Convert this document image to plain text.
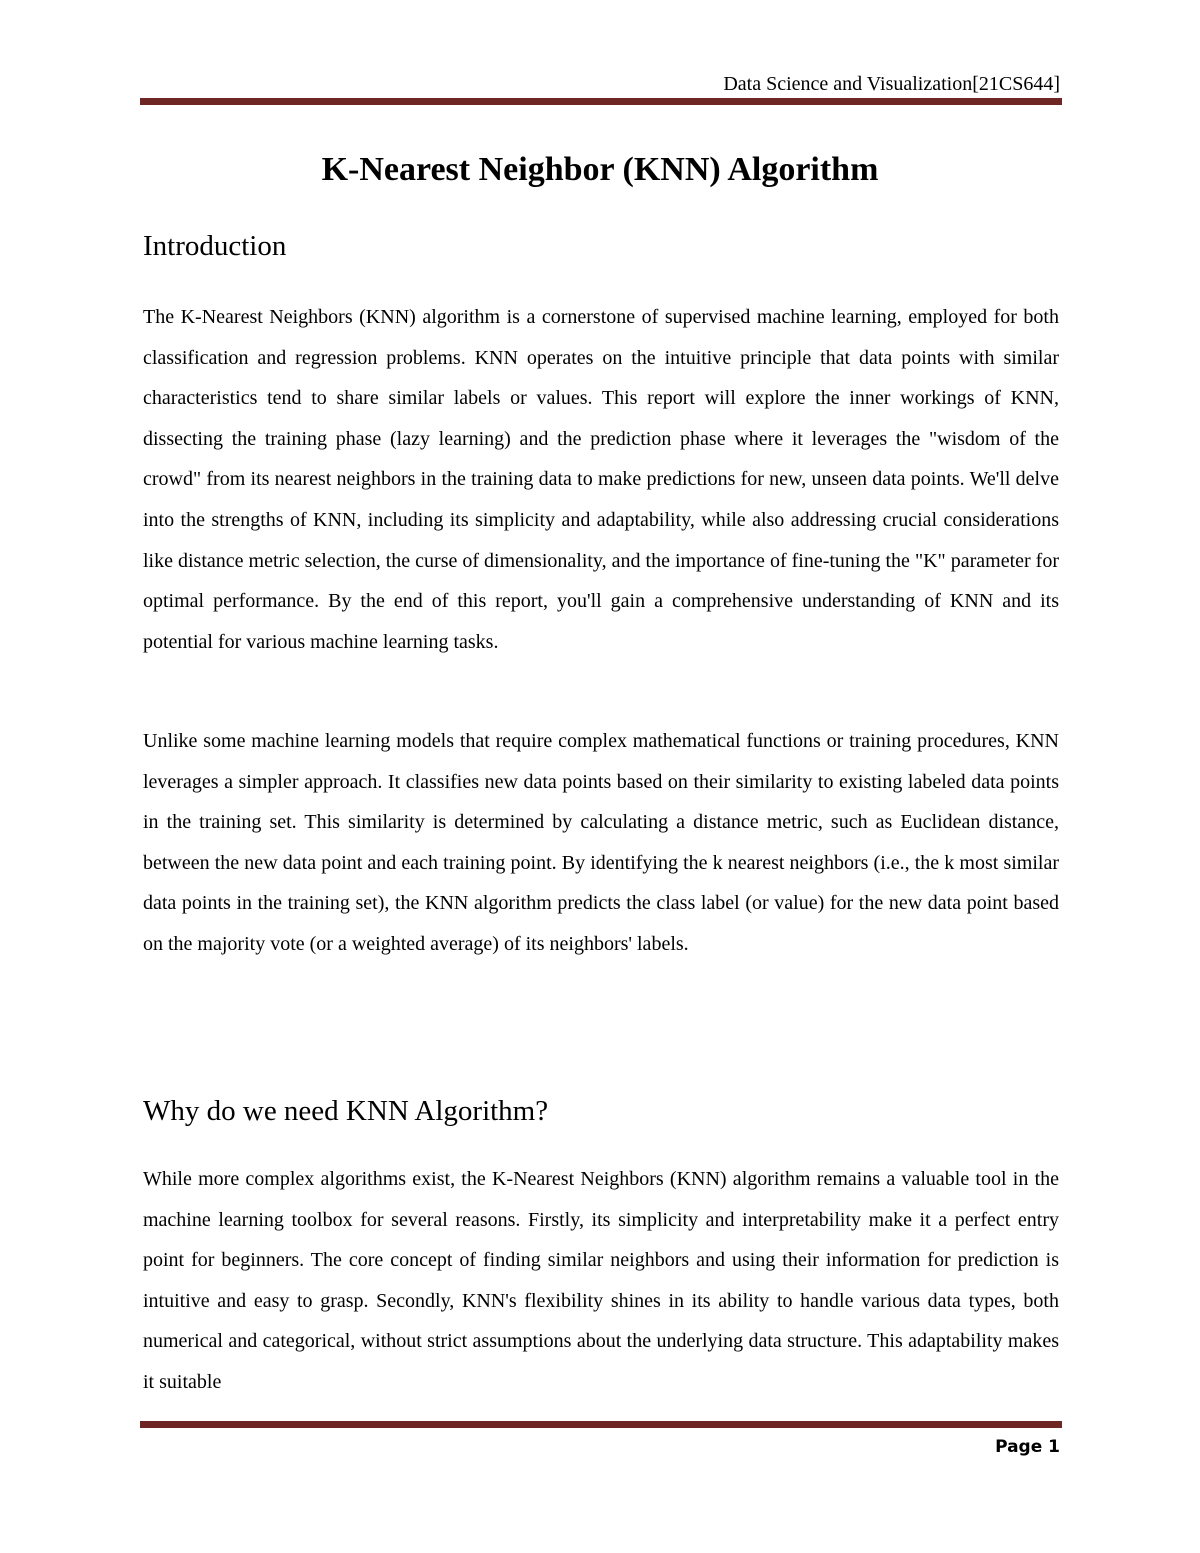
Data Science and Visualization[21CS644]
K-Nearest Neighbor (KNN) Algorithm
Introduction

The K-Nearest Neighbors (KNN) algorithm is a cornerstone of supervised machine learning, employed for both classification and regression problems. KNN operates on the intuitive principle that data points with similar characteristics tend to share similar labels or values. This report will explore the inner workings of KNN, dissecting the training phase (lazy learning) and the prediction phase where it leverages the "wisdom of the crowd" from its nearest neighbors in the training data to make predictions for new, unseen data points. We'll delve into the strengths of KNN, including its simplicity and adaptability, while also addressing crucial considerations like distance metric selection, the curse of dimensionality, and the importance of fine-tuning the "K" parameter for optimal performance. By the end of this report, you'll gain a comprehensive understanding of KNN and its potential for various machine learning tasks.

Unlike some machine learning models that require complex mathematical functions or training procedures, KNN leverages a simpler approach. It classifies new data points based on their similarity to existing labeled data points in the training set. This similarity is determined by calculating a distance metric, such as Euclidean distance, between the new data point and each training point. By identifying the k nearest neighbors (i.e., the k most similar data points in the training set), the KNN algorithm predicts the class label (or value) for the new data point based on the majority vote (or a weighted average) of its neighbors' labels.

Why do we need KNN Algorithm?

While more complex algorithms exist, the K-Nearest Neighbors (KNN) algorithm remains a valuable tool in the machine learning toolbox for several reasons. Firstly, its simplicity and interpretability make it a perfect entry point for beginners. The core concept of finding similar neighbors and using their information for prediction is intuitive and easy to grasp. Secondly, KNN's flexibility shines in its ability to handle various data types, both numerical and categorical, without strict assumptions about the underlying data structure. This adaptability makes it suitable

Page 1
